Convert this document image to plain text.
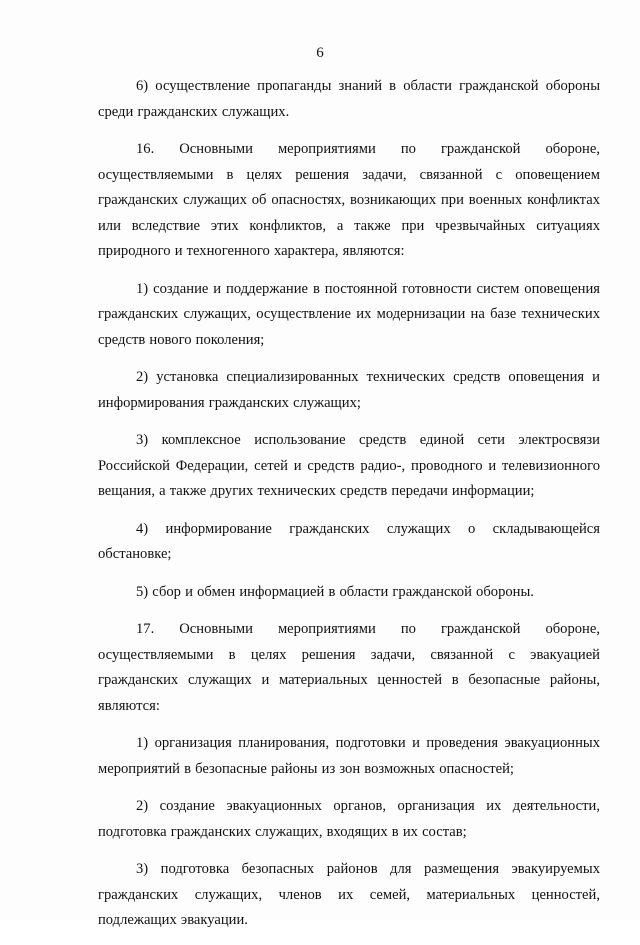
6

6) осуществление пропаганды знаний в области гражданской обороны среди гражданских служащих.

16. Основными мероприятиями по гражданской обороне, осуществляемыми в целях решения задачи, связанной с оповещением гражданских служащих об опасностях, возникающих при военных конфликтах или вследствие этих конфликтов, а также при чрезвычайных ситуациях природного и техногенного характера, являются:

1) создание и поддержание в постоянной готовности систем оповещения гражданских служащих, осуществление их модернизации на базе технических средств нового поколения;

2) установка специализированных технических средств оповещения и информирования гражданских служащих;

3) комплексное использование средств единой сети электросвязи Российской Федерации, сетей и средств радио-, проводного и телевизионного вещания, а также других технических средств передачи информации;

4) информирование гражданских служащих о складывающейся обстановке;

5) сбор и обмен информацией в области гражданской обороны.

17. Основными мероприятиями по гражданской обороне, осуществляемыми в целях решения задачи, связанной с эвакуацией гражданских служащих и материальных ценностей в безопасные районы, являются:

1) организация планирования, подготовки и проведения эвакуационных мероприятий в безопасные районы из зон возможных опасностей;

2) создание эвакуационных органов, организация их деятельности, подготовка гражданских служащих, входящих в их состав;

3) подготовка безопасных районов для размещения эвакуируемых гражданских служащих, членов их семей, материальных ценностей, подлежащих эвакуации.
